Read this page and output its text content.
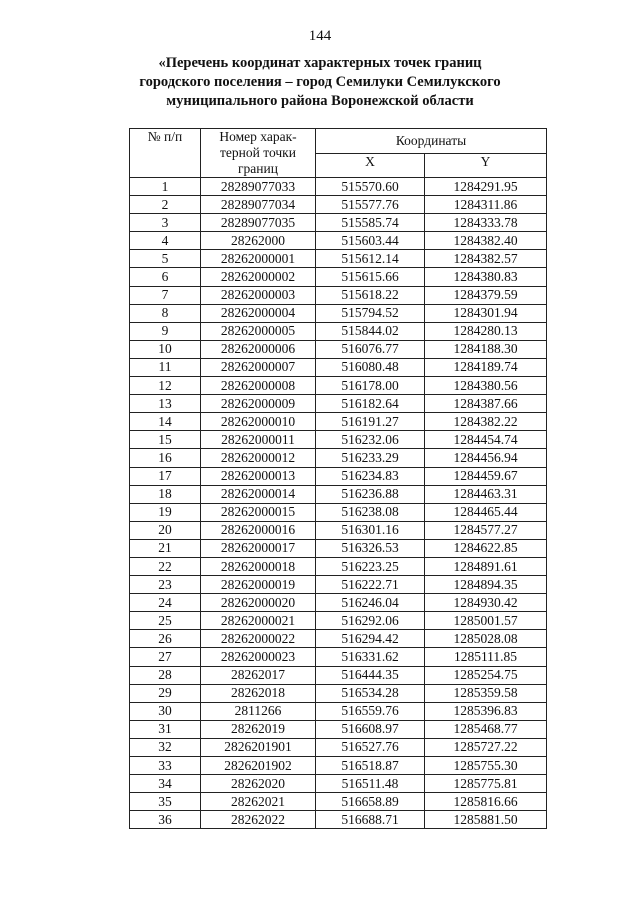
144
«Перечень координат характерных точек границ
городского поселения – город Семилуки Семилукского
муниципального района Воронежской области
№ п/п	Номер харак-
терной точки
границ	Координаты	
		X	Y
1	28289077033	515570.60	1284291.95
2	28289077034	515577.76	1284311.86
3	28289077035	515585.74	1284333.78
4	28262000	515603.44	1284382.40
5	28262000001	515612.14	1284382.57
6	28262000002	515615.66	1284380.83
7	28262000003	515618.22	1284379.59
8	28262000004	515794.52	1284301.94
9	28262000005	515844.02	1284280.13
10	28262000006	516076.77	1284188.30
11	28262000007	516080.48	1284189.74
12	28262000008	516178.00	1284380.56
13	28262000009	516182.64	1284387.66
14	28262000010	516191.27	1284382.22
15	28262000011	516232.06	1284454.74
16	28262000012	516233.29	1284456.94
17	28262000013	516234.83	1284459.67
18	28262000014	516236.88	1284463.31
19	28262000015	516238.08	1284465.44
20	28262000016	516301.16	1284577.27
21	28262000017	516326.53	1284622.85
22	28262000018	516223.25	1284891.61
23	28262000019	516222.71	1284894.35
24	28262000020	516246.04	1284930.42
25	28262000021	516292.06	1285001.57
26	28262000022	516294.42	1285028.08
27	28262000023	516331.62	1285111.85
28	28262017	516444.35	1285254.75
29	28262018	516534.28	1285359.58
30	2811266	516559.76	1285396.83
31	28262019	516608.97	1285468.77
32	2826201901	516527.76	1285727.22
33	2826201902	516518.87	1285755.30
34	28262020	516511.48	1285775.81
35	28262021	516658.89	1285816.66
36	28262022	516688.71	1285881.50
